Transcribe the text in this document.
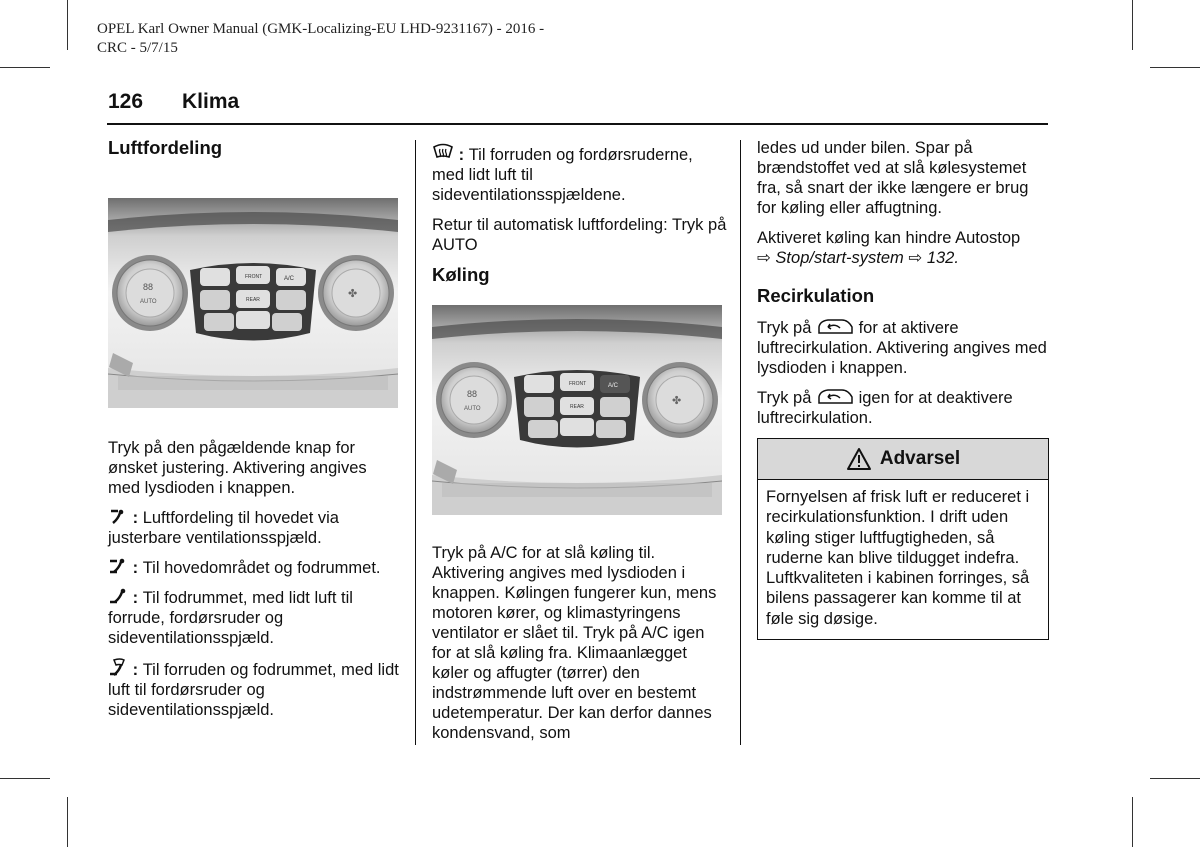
OPEL Karl Owner Manual (GMK-Localizing-EU LHD-9231167) - 2016 -
CRC - 5/7/15
126 Klima
Luftfordeling
88
AUTO
✤
FRONT
REAR
A/C

Tryk på den pågældende knap for ønsket justering. Aktivering angives med lysdioden i knappen.

: Luftfordeling til hovedet via justerbare ventilationsspjæld.

: Til hovedområdet og fodrummet.

: Til fodrummet, med lidt luft til forrude, fordørsruder og sideventilationsspjæld.

: Til forruden og fodrummet, med lidt luft til fordørsruder og sideventilationsspjæld.

: Til forruden og fordørsruderne, med lidt luft til sideventilationsspjældene.

Retur til automatisk luftfordeling: Tryk på AUTO

Køling
88
AUTO
✤
FRONT
REAR
A/C

Tryk på A/C for at slå køling til. Aktivering angives med lysdioden i knappen. Kølingen fungerer kun, mens motoren kører, og klimastyringens ventilator er slået til. Tryk på A/C igen for at slå køling fra. Klimaanlægget køler og affugter (tørrer) den indstrømmende luft over en bestemt udetemperatur. Der kan derfor dannes kondensvand, som

ledes ud under bilen. Spar på brændstoffet ved at slå kølesystemet fra, så snart der ikke længere er brug for køling eller affugtning.

Aktiveret køling kan hindre Autostop
⇨ Stop/start-system ⇨ 132.

Recirkulation

Tryk på	for at aktivere luftrecirkulation. Aktivering angives med lysdioden i knappen.

Tryk på	igen for at deaktivere luftrecirkulation.

Advarsel
Fornyelsen af frisk luft er reduceret i recirkulationsfunktion. I drift uden køling stiger luftfugtigheden, så ruderne kan blive tildugget indefra. Luftkvaliteten i kabinen forringes, så bilens passagerer kan komme til at føle sig døsige.
